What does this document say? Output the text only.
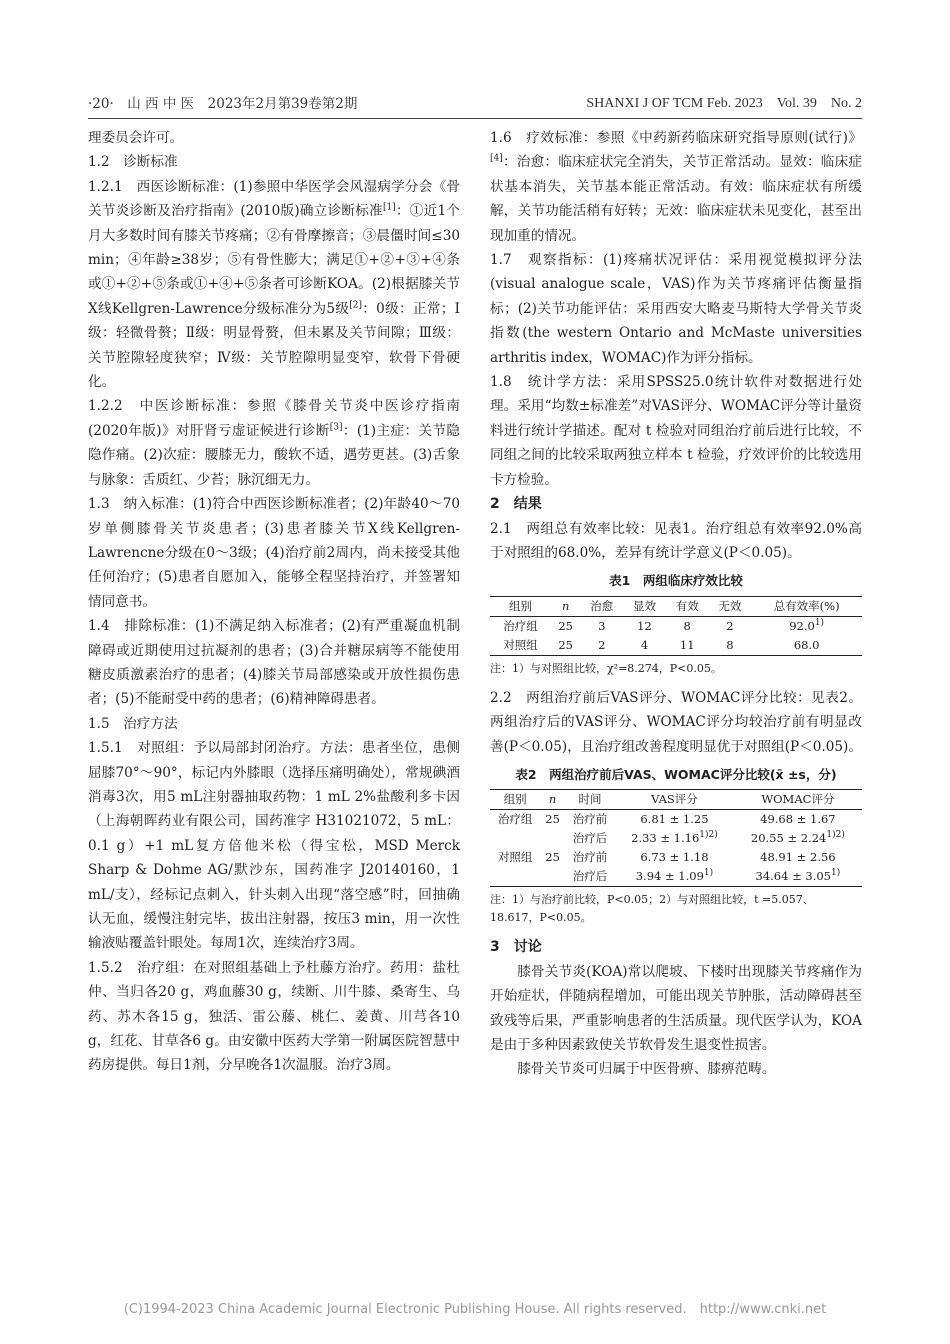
·20·　山 西 中 医　2023年2月第39卷第2期	SHANXI J OF TCM Feb. 2023　Vol. 39　No. 2

理委员会许可。

1.2　诊断标准

1.2.1　西医诊断标准：(1)参照中华医学会风湿病学分会《骨关节炎诊断及治疗指南》(2010版)确立诊断标准[1]：①近1个月大多数时间有膝关节疼痛；②有骨摩擦音；③晨僵时间≤30 min；④年龄≥38岁；⑤有骨性膨大；满足①+②+③+④条或①+②+⑤条或①+④+⑤条者可诊断KOA。(2)根据膝关节X线Kellgren-Lawrence分级标准分为5级[2]：0级：正常；Ⅰ级：轻微骨赘；Ⅱ级：明显骨赘，但未累及关节间隙；Ⅲ级：关节腔隙轻度狭窄；Ⅳ级：关节腔隙明显变窄，软骨下骨硬化。

1.2.2　中医诊断标准：参照《膝骨关节炎中医诊疗指南(2020年版)》对肝肾亏虚证候进行诊断[3]：(1)主症：关节隐隐作痛。(2)次症：腰膝无力，酸软不适，遇劳更甚。(3)舌象与脉象：舌质红、少苔；脉沉细无力。

1.3　纳入标准：(1)符合中西医诊断标准者；(2)年龄40～70岁单侧膝骨关节炎患者；(3)患者膝关节X线Kellgren-Lawrencne分级在0～3级；(4)治疗前2周内，尚未接受其他任何治疗；(5)患者自愿加入，能够全程坚持治疗，并签署知情同意书。

1.4　排除标准：(1)不满足纳入标准者；(2)有严重凝血机制障碍或近期使用过抗凝剂的患者；(3)合并糖尿病等不能使用糖皮质激素治疗的患者；(4)膝关节局部感染或开放性损伤患者；(5)不能耐受中药的患者；(6)精神障碍患者。

1.5　治疗方法

1.5.1　对照组：予以局部封闭治疗。方法：患者坐位，患侧屈膝70°～90°，标记内外膝眼（选择压痛明确处），常规碘酒消毒3次，用5 mL注射器抽取药物：1 mL 2%盐酸利多卡因（上海朝晖药业有限公司，国药准字 H31021072，5 mL：0.1 g）+1 mL复方倍他米松（得宝松，MSD Merck Sharp & Dohme AG/默沙东，国药准字 J20140160，1 mL/支），经标记点刺入，针头刺入出现“落空感”时，回抽确认无血，缓慢注射完毕，拔出注射器，按压3 min，用一次性输液贴覆盖针眼处。每周1次，连续治疗3周。

1.5.2　治疗组：在对照组基础上予杜藤方治疗。药用：盐杜仲、当归各20 g，鸡血藤30 g，续断、川牛膝、桑寄生、乌药、苏木各15 g，独活、雷公藤、桃仁、姜黄、川芎各10 g，红花、甘草各6 g。由安徽中医药大学第一附属医院智慧中药房提供。每日1剂，分早晚各1次温服。治疗3周。

1.6　疗效标准：参照《中药新药临床研究指导原则(试行)》[4]：治愈：临床症状完全消失，关节正常活动。显效：临床症状基本消失，关节基本能正常活动。有效：临床症状有所缓解，关节功能活稍有好转；无效：临床症状未见变化，甚至出现加重的情况。

1.7　观察指标：(1)疼痛状况评估：采用视觉模拟评分法(visual analogue scale，VAS)作为关节疼痛评估衡量指标；(2)关节功能评估：采用西安大略麦马斯特大学骨关节炎指数(the western Ontario and McMaste universities arthritis index，WOMAC)作为评分指标。

1.8　统计学方法：采用SPSS25.0统计软件对数据进行处理。采用“均数±标准差”对VAS评分、WOMAC评分等计量资料进行统计学描述。配对 t 检验对同组治疗前后进行比较，不同组之间的比较采取两独立样本 t 检验，疗效评价的比较选用卡方检验。

2　结果

2.1　两组总有效率比较：见表1。治疗组总有效率92.0%高于对照组的68.0%，差异有统计学意义(P＜0.05)。

表1　两组临床疗效比较
组别	n	治愈	显效	有效	无效	总有效率(%)
治疗组	25	3	12	8	2	92.0$^{1)}$
对照组	25	2	4	11	8	68.0
注：1）与对照组比较，χ²=8.274，P<0.05。

2.2　两组治疗前后VAS评分、WOMAC评分比较：见表2。两组治疗后的VAS评分、WOMAC评分均较治疗前有明显改善(P＜0.05)，且治疗组改善程度明显优于对照组(P＜0.05)。

表2　两组治疗前后VAS、WOMAC评分比较(x̄ ±s，分)
组别	n	时间	VAS评分	WOMAC评分
治疗组	25	治疗前	6.81 ± 1.25	49.68 ± 1.67
		治疗后	$2.33 \pm 1.16^{1)2)}$	$20.55 \pm 2.24^{1)2)}$
对照组	25	治疗前	6.73 ± 1.18	48.91 ± 2.56
		治疗后	$3.94 \pm 1.09^{1)}$	$34.64 \pm 3.05^{1)}$
注：1）与治疗前比较，P<0.05；2）与对照组比较，t =5.057、18.617，P<0.05。

3　讨论

膝骨关节炎(KOA)常以爬坡、下楼时出现膝关节疼痛作为开始症状，伴随病程增加，可能出现关节肿胀，活动障碍甚至致残等后果，严重影响患者的生活质量。现代医学认为，KOA是由于多种因素致使关节软骨发生退变性损害。

膝骨关节炎可归属于中医骨痹、膝痹范畴。

(C)1994-2023 China Academic Journal Electronic Publishing House. All rights reserved.　http://www.cnki.net
